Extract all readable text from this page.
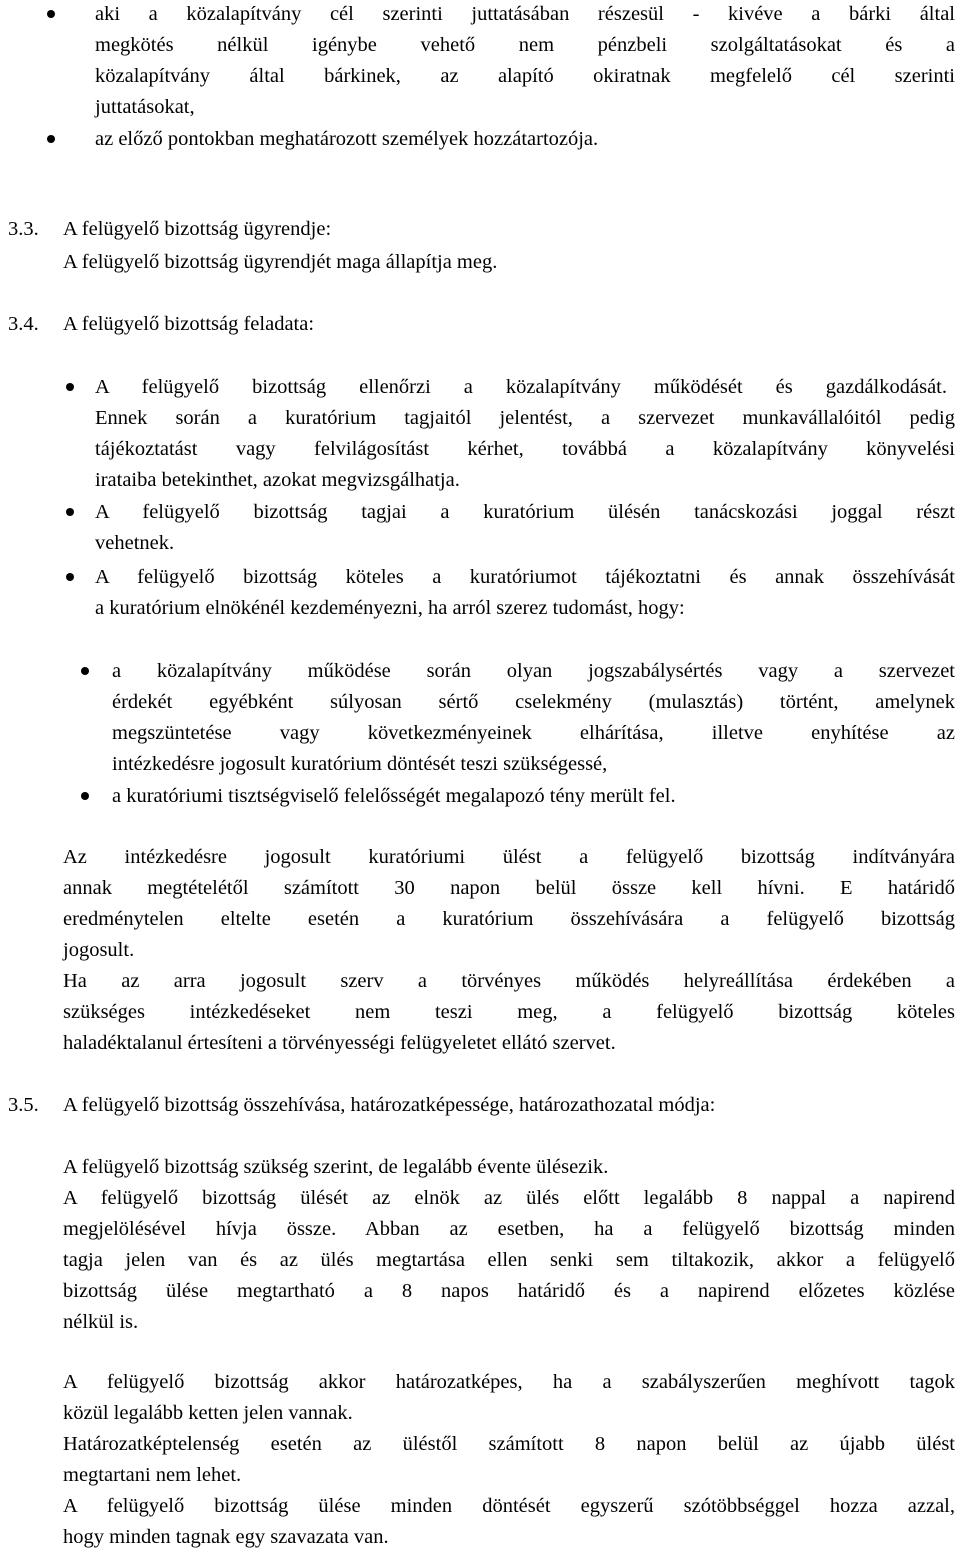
aki a közalapítvány cél szerinti juttatásában részesül - kivéve a bárki által

megkötés nélkül igénybe vehető nem pénzbeli szolgáltatásokat és a

közalapítvány által bárkinek, az alapító okiratnak megfelelő cél szerinti

juttatásokat,

az előző pontokban meghatározott személyek hozzátartozója.

3.3. A felügyelő bizottság ügyrendje:

A felügyelő bizottság ügyrendjét maga állapítja meg.

3.4. A felügyelő bizottság feladata:

A felügyelő bizottság ellenőrzi a közalapítvány működését és gazdálkodását.

Ennek során a kuratórium tagjaitól jelentést, a szervezet munkavállalóitól pedig

tájékoztatást vagy felvilágosítást kérhet, továbbá a közalapítvány könyvelési

irataiba betekinthet, azokat megvizsgálhatja.

A felügyelő bizottság tagjai a kuratórium ülésén tanácskozási joggal részt

vehetnek.

A felügyelő bizottság köteles a kuratóriumot tájékoztatni és annak összehívását

a kuratórium elnökénél kezdeményezni, ha arról szerez tudomást, hogy:

a közalapítvány működése során olyan jogszabálysértés vagy a szervezet

érdekét egyébként súlyosan sértő cselekmény (mulasztás) történt, amelynek

megszüntetése vagy következményeinek elhárítása, illetve enyhítése az

intézkedésre jogosult kuratórium döntését teszi szükségessé,

a kuratóriumi tisztségviselő felelősségét megalapozó tény merült fel.

Az intézkedésre jogosult kuratóriumi ülést a felügyelő bizottság indítványára

annak megtételétől számított 30 napon belül össze kell hívni. E határidő

eredménytelen eltelte esetén a kuratórium összehívására a felügyelő bizottság

jogosult.

Ha az arra jogosult szerv a törvényes működés helyreállítása érdekében a

szükséges intézkedéseket nem teszi meg, a felügyelő bizottság köteles

haladéktalanul értesíteni a törvényességi felügyeletet ellátó szervet.

3.5. A felügyelő bizottság összehívása, határozatképessége, határozathozatal módja:

A felügyelő bizottság szükség szerint, de legalább évente ülésezik.

A felügyelő bizottság ülését az elnök az ülés előtt legalább 8 nappal a napirend

megjelölésével hívja össze. Abban az esetben, ha a felügyelő bizottság minden

tagja jelen van és az ülés megtartása ellen senki sem tiltakozik, akkor a felügyelő

bizottság ülése megtartható a 8 napos határidő és a napirend előzetes közlése

nélkül is.

A felügyelő bizottság akkor határozatképes, ha a szabályszerűen meghívott tagok

közül legalább ketten jelen vannak.

Határozatképtelenség esetén az üléstől számított 8 napon belül az újabb ülést

megtartani nem lehet.

A felügyelő bizottság ülése minden döntését egyszerű szótöbbséggel hozza azzal,

hogy minden tagnak egy szavazata van.
